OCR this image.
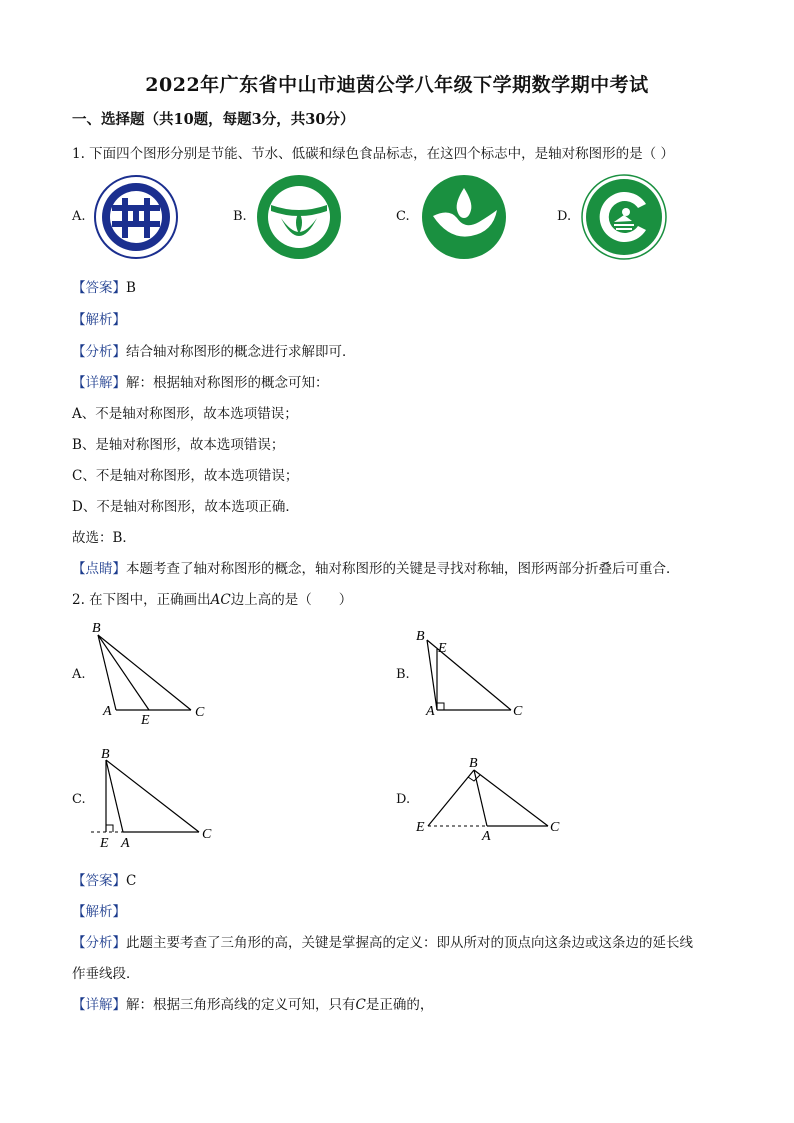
2022年广东省中山市迪茵公学八年级下学期数学期中考试
一、选择题（共10题，每题3分，共30分）
1. 下面四个图形分别是节能、节水、低碳和绿色食品标志，在这四个标志中，是轴对称图形的是（ ）
A.	B.	C.	D.
【答案】B
【解析】
【分析】结合轴对称图形的概念进行求解即可．
【详解】解：根据轴对称图形的概念可知：
A、不是轴对称图形，故本选项错误；
B、是轴对称图形，故本选项错误；
C、不是轴对称图形，故本选项错误；
D、不是轴对称图形，故本选项正确．
故选：B．
【点睛】本题考查了轴对称图形的概念，轴对称图形的关键是寻找对称轴，图形两部分折叠后可重合．
2. 在下图中，正确画出AC边上高的是（　　）
A.
B
A
E
C
B.
B
E
A	C
C.
B
E A
C
D.
B
E
A
C
【答案】C
【解析】
【分析】此题主要考查了三角形的高，关键是掌握高的定义：即从所对的顶点向这条边或这条边的延长线
作垂线段．
【详解】解：根据三角形高线的定义可知，只有C是正确的，
